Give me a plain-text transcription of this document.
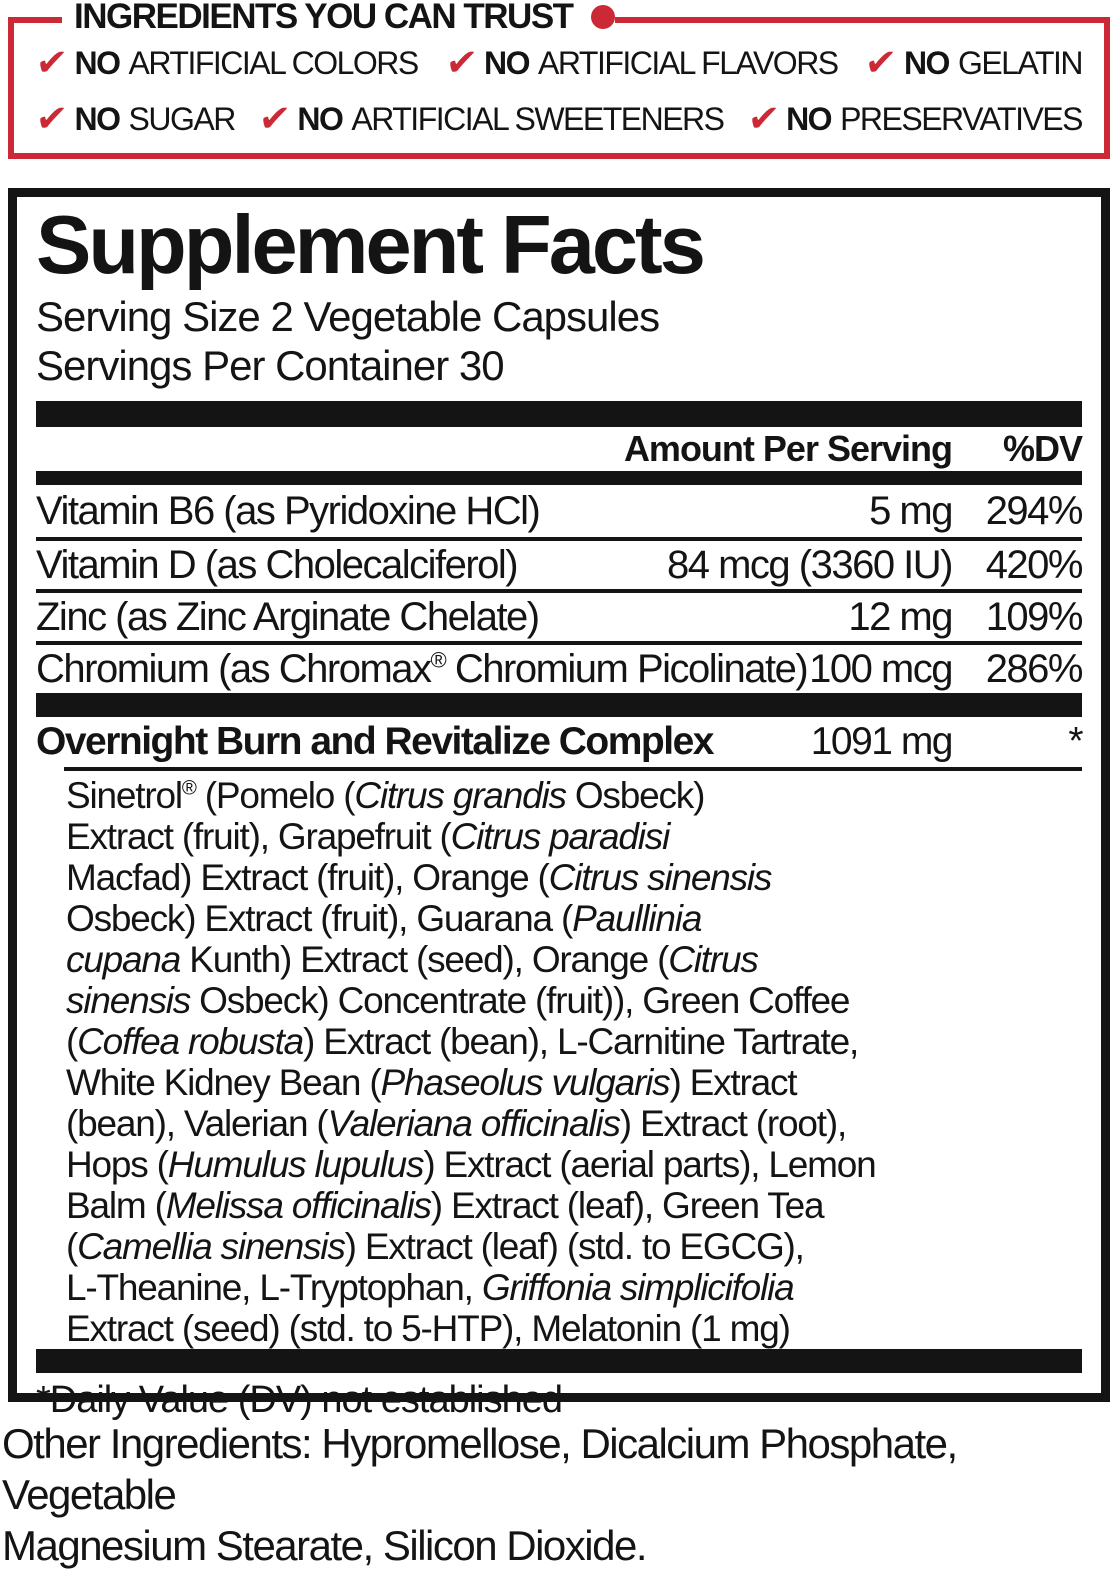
INGREDIENTS YOU CAN TRUST
✔ NO ARTIFICIAL COLORS ✔ NO ARTIFICIAL FLAVORS ✔ NO GELATIN
✔ NO SUGAR ✔ NO ARTIFICIAL SWEETENERS ✔ NO PRESERVATIVES
Supplement Facts
Serving Size 2 Vegetable Capsules
Servings Per Container 30
Amount Per Serving	%DV
Vitamin B6 (as Pyridoxine HCl)	5 mg 294%
Vitamin D (as Cholecalciferol)	84 mcg (3360 IU) 420%
Zinc (as Zinc Arginate Chelate)	12 mg 109%
Chromium (as Chromax® Chromium Picolinate) 100 mcg 286%
Overnight Burn and Revitalize Complex	1091 mg	*
Sinetrol® (Pomelo (Citrus grandis Osbeck)
Extract (fruit), Grapefruit (Citrus paradisi
Macfad) Extract (fruit), Orange (Citrus sinensis
Osbeck) Extract (fruit), Guarana (Paullinia
cupana Kunth) Extract (seed), Orange (Citrus
sinensis Osbeck) Concentrate (fruit)), Green Coffee
(Coffea robusta) Extract (bean), L-Carnitine Tartrate,
White Kidney Bean (Phaseolus vulgaris) Extract
(bean), Valerian (Valeriana officinalis) Extract (root),
Hops (Humulus lupulus) Extract (aerial parts), Lemon
Balm (Melissa officinalis) Extract (leaf), Green Tea
(Camellia sinensis) Extract (leaf) (std. to EGCG),
L-Theanine, L-Tryptophan, Griffonia simplicifolia
Extract (seed) (std. to 5-HTP), Melatonin (1 mg)
*Daily Value (DV) not established
Other Ingredients: Hypromellose, Dicalcium Phosphate, Vegetable
Magnesium Stearate, Silicon Dioxide.
